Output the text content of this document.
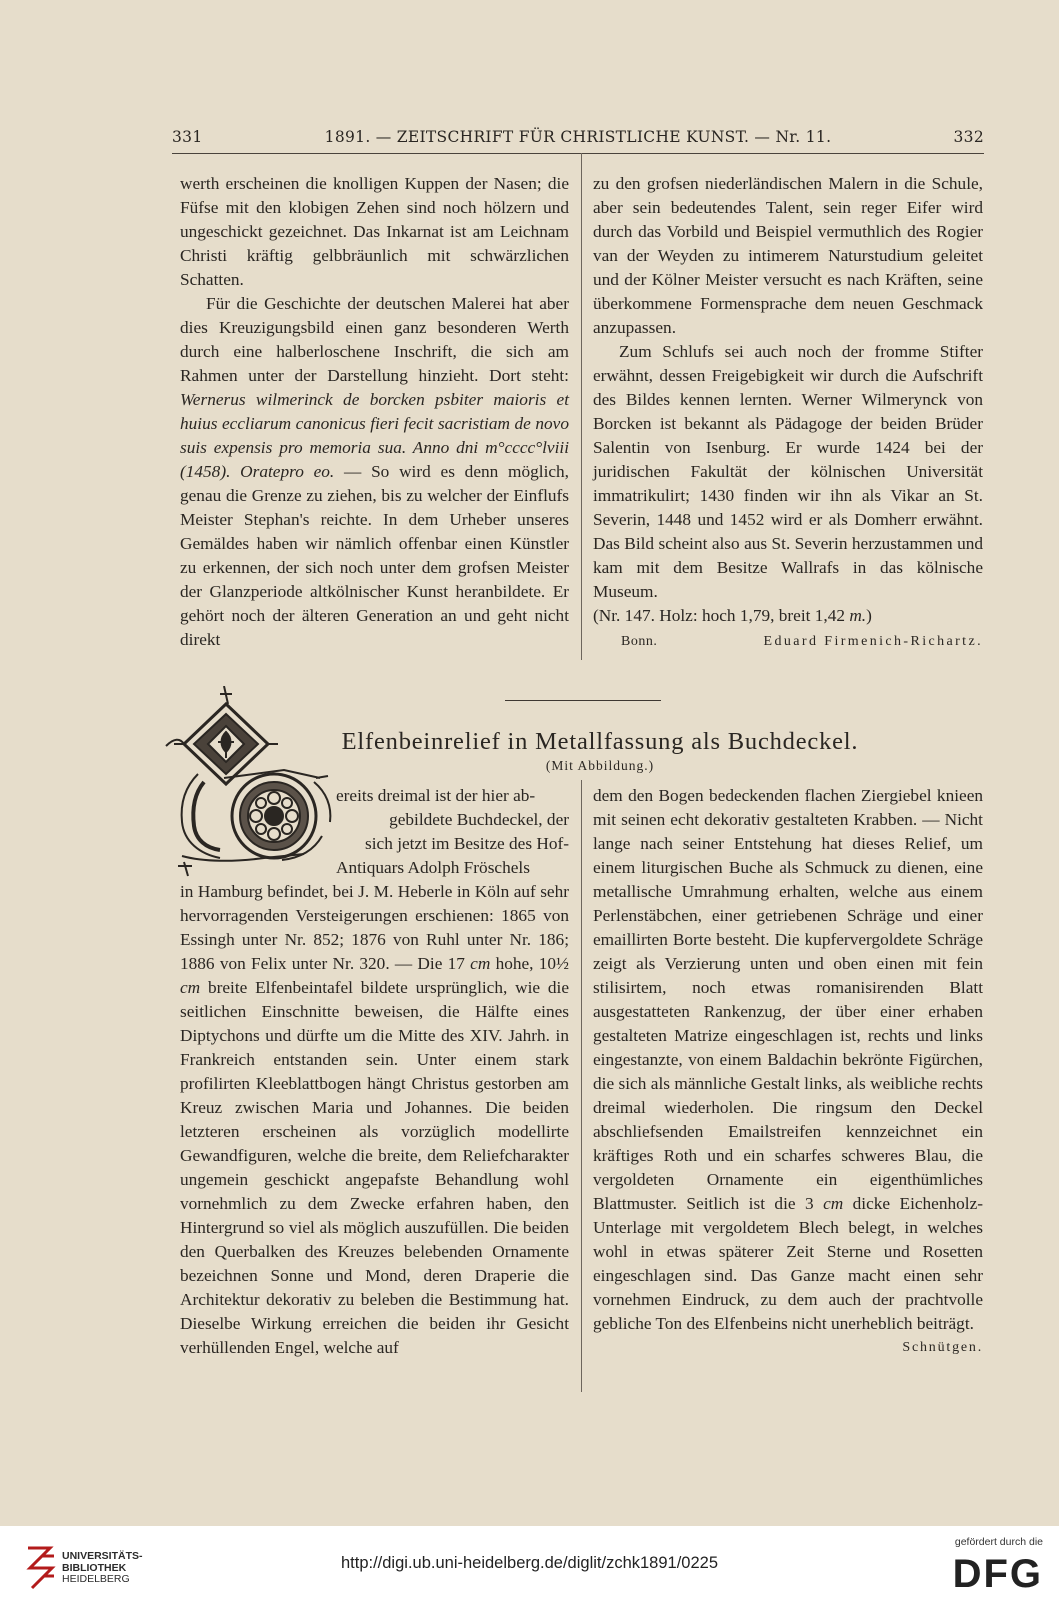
331	1891. — ZEITSCHRIFT FÜR CHRISTLICHE KUNST. — Nr. 11.	332

werth erscheinen die knolligen Kuppen der Nasen; die Füfse mit den klobigen Zehen sind noch hölzern und ungeschickt gezeichnet. Das Inkarnat ist am Leichnam Christi kräftig gelbbräunlich mit schwärzlichen Schatten.

Für die Geschichte der deutschen Malerei hat aber dies Kreuzigungsbild einen ganz besonderen Werth durch eine halberloschene Inschrift, die sich am Rahmen unter der Darstellung hinzieht. Dort steht: Wernerus wilmerinck de borcken psbiter maioris et huius eccliarum canonicus fieri fecit sacristiam de novo suis expensis pro memoria sua. Anno dni m°cccc°lviii (1458). Oratepro eo. — So wird es denn möglich, genau die Grenze zu ziehen, bis zu welcher der Einflufs Meister Stephan's reichte. In dem Urheber unseres Gemäldes haben wir nämlich offenbar einen Künstler zu erkennen, der sich noch unter dem grofsen Meister der Glanzperiode altkölnischer Kunst heranbildete. Er gehört noch der älteren Generation an und geht nicht direkt

zu den grofsen niederländischen Malern in die Schule, aber sein bedeutendes Talent, sein reger Eifer wird durch das Vorbild und Beispiel vermuthlich des Rogier van der Weyden zu intimerem Naturstudium geleitet und der Kölner Meister versucht es nach Kräften, seine überkommene Formensprache dem neuen Geschmack anzupassen.

Zum Schlufs sei auch noch der fromme Stifter erwähnt, dessen Freigebigkeit wir durch die Aufschrift des Bildes kennen lernten. Werner Wilmerynck von Borcken ist bekannt als Pädagoge der beiden Brüder Salentin von Isenburg. Er wurde 1424 bei der juridischen Fakultät der kölnischen Universität immatrikulirt; 1430 finden wir ihn als Vikar an St. Severin, 1448 und 1452 wird er als Domherr erwähnt. Das Bild scheint also aus St. Severin herzustammen und kam mit dem Besitze Wallrafs in das kölnische Museum.

(Nr. 147. Holz: hoch 1,79, breit 1,42 m.)

Bonn.	Eduard Firmenich-Richartz.
Elfenbeinrelief in Metallfassung als Buchdeckel.
(Mit Abbildung.)

ereits dreimal ist der hier ab-

gebildete Buchdeckel, der

sich jetzt im Besitze des Hof-

Antiquars Adolph Fröschels

in Hamburg befindet, bei J. M. Heberle in Köln auf sehr hervorragenden Versteigerungen erschienen: 1865 von Essingh unter Nr. 852; 1876 von Ruhl unter Nr. 186; 1886 von Felix unter Nr. 320. — Die 17 cm hohe, 10½ cm breite Elfenbeintafel bildete ursprünglich, wie die seitlichen Einschnitte beweisen, die Hälfte eines Diptychons und dürfte um die Mitte des XIV. Jahrh. in Frankreich entstanden sein. Unter einem stark profilirten Kleeblattbogen hängt Christus gestorben am Kreuz zwischen Maria und Johannes. Die beiden letzteren erscheinen als vorzüglich modellirte Gewandfiguren, welche die breite, dem Reliefcharakter ungemein geschickt angepafste Behandlung wohl vornehmlich zu dem Zwecke erfahren haben, den Hintergrund so viel als möglich auszufüllen. Die beiden den Querbalken des Kreuzes belebenden Ornamente bezeichnen Sonne und Mond, deren Draperie die Architektur dekorativ zu beleben die Bestimmung hat. Dieselbe Wirkung erreichen die beiden ihr Gesicht verhüllenden Engel, welche auf

dem den Bogen bedeckenden flachen Ziergiebel knieen mit seinen echt dekorativ gestalteten Krabben. — Nicht lange nach seiner Entstehung hat dieses Relief, um einem liturgischen Buche als Schmuck zu dienen, eine metallische Umrahmung erhalten, welche aus einem Perlenstäbchen, einer getriebenen Schräge und einer emaillirten Borte besteht. Die kupfervergoldete Schräge zeigt als Verzierung unten und oben einen mit fein stilisirtem, noch etwas romanisirenden Blatt ausgestatteten Rankenzug, der über einer erhaben gestalteten Matrize eingeschlagen ist, rechts und links eingestanzte, von einem Baldachin bekrönte Figürchen, die sich als männliche Gestalt links, als weibliche rechts dreimal wiederholen. Die ringsum den Deckel abschliefsenden Emailstreifen kennzeichnet ein kräftiges Roth und ein scharfes schweres Blau, die vergoldeten Ornamente ein eigenthümliches Blattmuster. Seitlich ist die 3 cm dicke Eichenholz-Unterlage mit vergoldetem Blech belegt, in welches wohl in etwas späterer Zeit Sterne und Rosetten eingeschlagen sind. Das Ganze macht einen sehr vornehmen Eindruck, zu dem auch der prachtvolle gebliche Ton des Elfenbeins nicht unerheblich beiträgt.

Schnütgen.
UNIVERSITÄTS-
BIBLIOTHEK
HEIDELBERG
http://digi.ub.uni-heidelberg.de/diglit/zchk1891/0225
gefördert durch die
DFG
